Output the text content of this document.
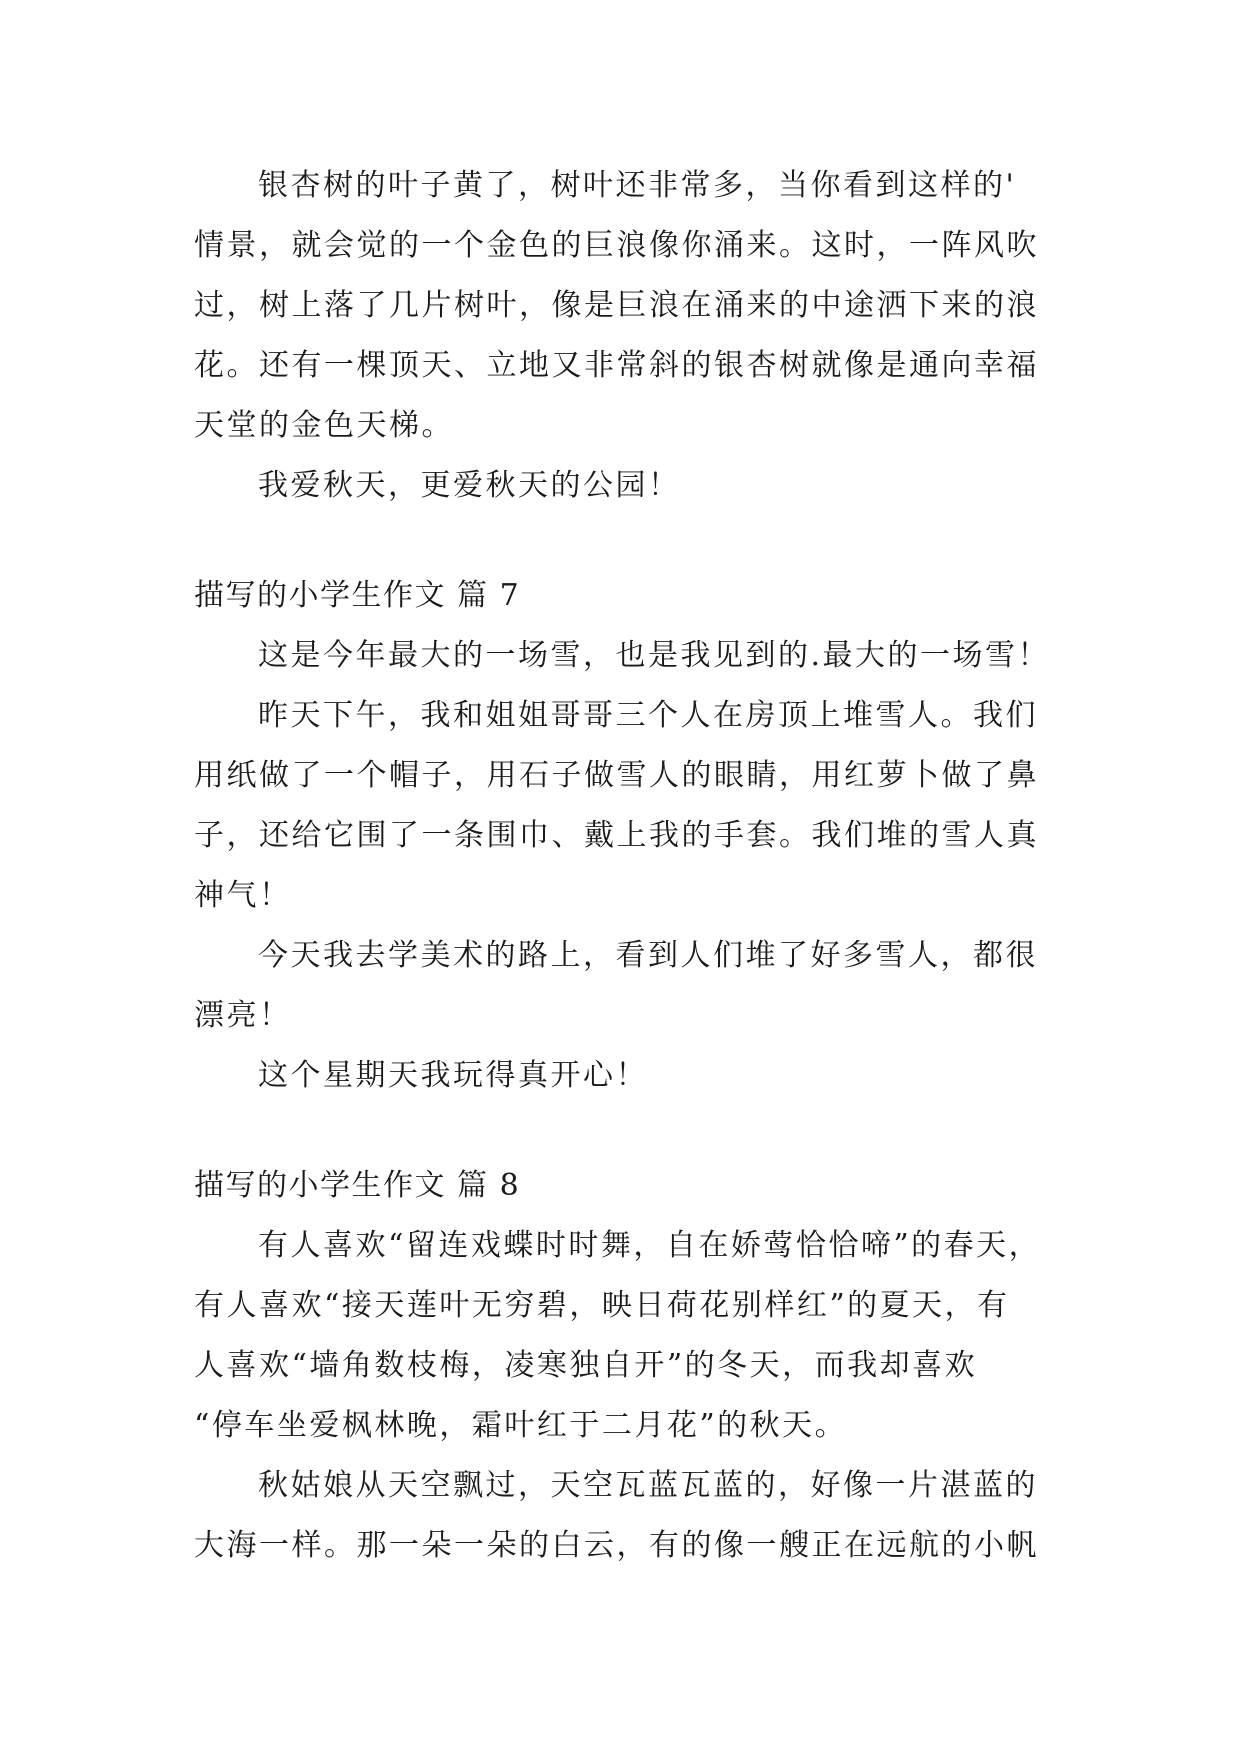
银杏树的叶子黄了，树叶还非常多，当你看到这样的'
情景，就会觉的一个金色的巨浪像你涌来。这时，一阵风吹
过，树上落了几片树叶，像是巨浪在涌来的中途洒下来的浪
花。还有一棵顶天、立地又非常斜的银杏树就像是通向幸福
天堂的金色天梯。
我爱秋天，更爱秋天的公园！
描写的小学生作文 篇 7
这是今年最大的一场雪，也是我见到的.最大的一场雪！
昨天下午，我和姐姐哥哥三个人在房顶上堆雪人。我们
用纸做了一个帽子，用石子做雪人的眼睛，用红萝卜做了鼻
子，还给它围了一条围巾、戴上我的手套。我们堆的雪人真
神气！
今天我去学美术的路上，看到人们堆了好多雪人，都很
漂亮！
这个星期天我玩得真开心！
描写的小学生作文 篇 8
有人喜欢“留连戏蝶时时舞，自在娇莺恰恰啼”的春天，
有人喜欢“接天莲叶无穷碧，映日荷花别样红”的夏天，有
人喜欢“墙角数枝梅，凌寒独自开”的冬天，而我却喜欢
“停车坐爱枫林晚，霜叶红于二月花”的秋天。
秋姑娘从天空飘过，天空瓦蓝瓦蓝的，好像一片湛蓝的
大海一样。那一朵一朵的白云，有的像一艘正在远航的小帆
